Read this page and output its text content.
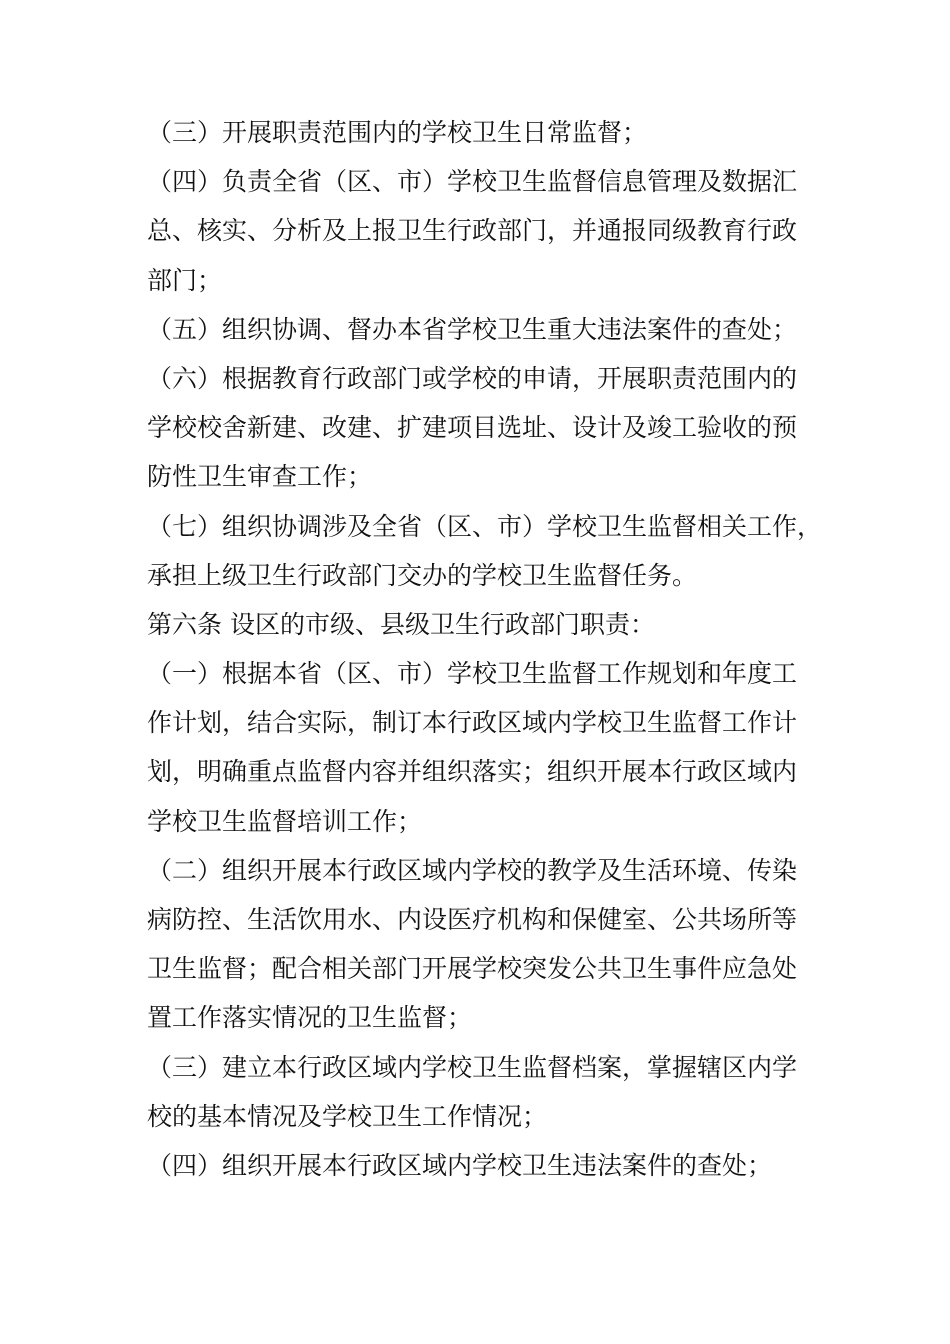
（三）开展职责范围内的学校卫生日常监督；
（四）负责全省（区、市）学校卫生监督信息管理及数据汇
总、核实、分析及上报卫生行政部门，并通报同级教育行政
部门；
（五）组织协调、督办本省学校卫生重大违法案件的查处；
（六）根据教育行政部门或学校的申请，开展职责范围内的
学校校舍新建、改建、扩建项目选址、设计及竣工验收的预
防性卫生审查工作；
（七）组织协调涉及全省（区、市）学校卫生监督相关工作，
承担上级卫生行政部门交办的学校卫生监督任务。
第六条 设区的市级、县级卫生行政部门职责：
（一）根据本省（区、市）学校卫生监督工作规划和年度工
作计划，结合实际，制订本行政区域内学校卫生监督工作计
划，明确重点监督内容并组织落实；组织开展本行政区域内
学校卫生监督培训工作；
（二）组织开展本行政区域内学校的教学及生活环境、传染
病防控、生活饮用水、内设医疗机构和保健室、公共场所等
卫生监督；配合相关部门开展学校突发公共卫生事件应急处
置工作落实情况的卫生监督；
（三）建立本行政区域内学校卫生监督档案，掌握辖区内学
校的基本情况及学校卫生工作情况；
（四）组织开展本行政区域内学校卫生违法案件的查处；
